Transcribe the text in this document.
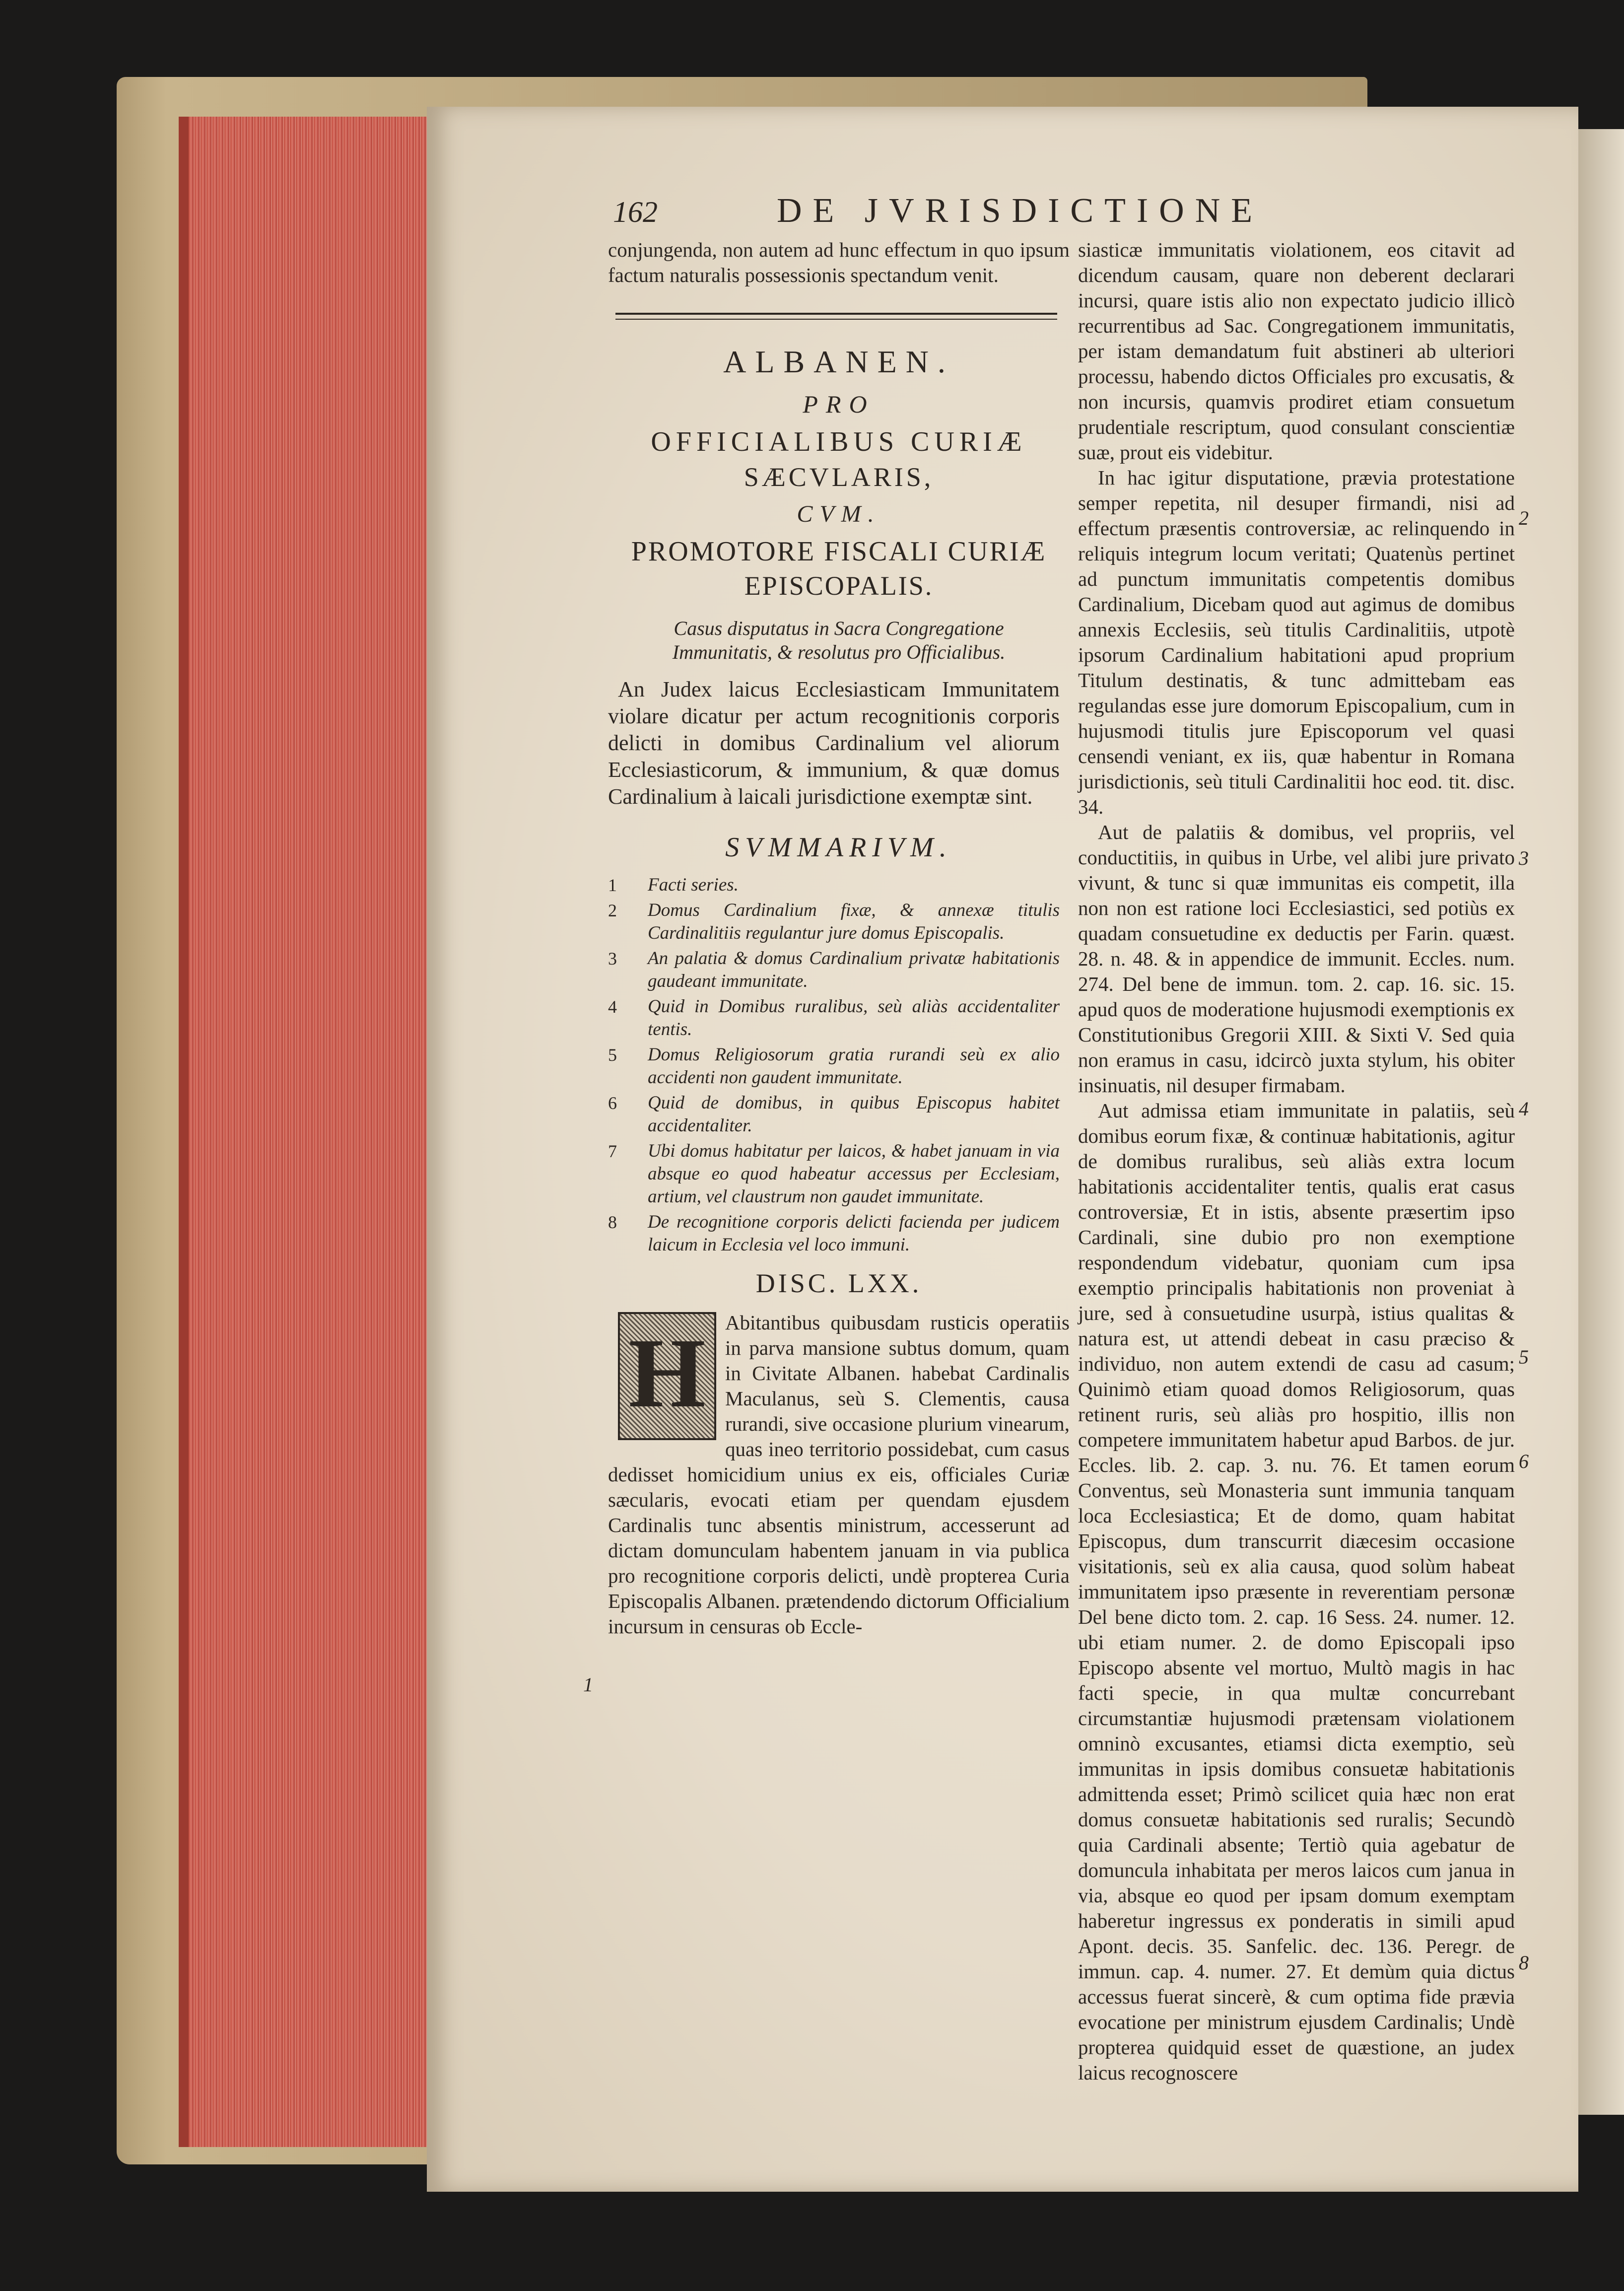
162	DE JVRISDICTIONE

conjungenda, non autem ad hunc effectum in quo ipsum factum naturalis possessionis spectandum venit.

ALBANEN.

PRO

OFFICIALIBUS CURIÆ

SÆCVLARIS,

CVM.

PROMOTORE FISCALI CURIÆ

EPISCOPALIS.

Casus disputatus in Sacra Congregatione Immunitatis, & resolutus pro Officialibus.

An Judex laicus Ecclesiasticam Immunitatem violare dicatur per actum recognitionis corporis delicti in domibus Cardinalium vel aliorum Ecclesiasticorum, & immunium, & quæ domus Cardinalium à laicali jurisdictione exemptæ sint.

SVMMARIVM.

1 Facti series.
2 Domus Cardinalium fixæ, & annexæ titulis Cardinalitiis regulantur jure domus Episcopalis.
3 An palatia & domus Cardinalium privatæ habitationis gaudeant immunitate.
4 Quid in Domibus ruralibus, seù aliàs accidentaliter tentis.
5 Domus Religiosorum gratia rurandi seù ex alio accidenti non gaudent immunitate.
6 Quid de domibus, in quibus Episcopus habitet accidentaliter.
7 Ubi domus habitatur per laicos, & habet januam in via absque eo quod habeatur accessus per Ecclesiam, artium, vel claustrum non gaudet immunitate.
8 De recognitione corporis delicti facienda per judicem laicum in Ecclesia vel loco immuni.

DISC. LXX.

H Abitantibus quibusdam rusticis operatiis in parva mansione subtus domum, quam in Civitate Albanen. habebat Cardinalis Maculanus, seù S. Clementis, causa rurandi, sive occasione plurium vinearum, quas ineo territorio possidebat, cum casus dedisset homicidium unius ex eis, officiales Curiæ sæcularis, evocati etiam per quendam ejusdem Cardinalis tunc absentis ministrum, accesserunt ad dictam domunculam habentem januam in via publica pro recognitione corporis delicti, undè propterea Curia Episcopalis Albanen. prætendendo dictorum Officialium incursum in censuras ob Eccle-

1

siasticæ immunitatis violationem, eos citavit ad dicendum causam, quare non deberent declarari incursi, quare istis alio non expectato judicio illicò recurrentibus ad Sac. Congregationem immunitatis, per istam demandatum fuit abstineri ab ulteriori processu, habendo dictos Officiales pro excusatis, & non incursis, quamvis prodiret etiam consuetum prudentiale rescriptum, quod consulant conscientiæ suæ, prout eis videbitur.

In hac igitur disputatione, prævia protestatione semper repetita, nil desuper firmandi, nisi ad effectum præsentis controversiæ, ac relinquendo in reliquis integrum locum veritati; Quatenùs pertinet ad punctum immunitatis competentis domibus Cardinalium, Dicebam quod aut agimus de domibus annexis Ecclesiis, seù titulis Cardinalitiis, utpotè ipsorum Cardinalium habitationi apud proprium Titulum destinatis, & tunc admittebam eas regulandas esse jure domorum Episcopalium, cum in hujusmodi titulis jure Episcoporum vel quasi censendi veniant, ex iis, quæ habentur in Romana jurisdictionis, seù tituli Cardinalitii hoc eod. tit. disc. 34.

Aut de palatiis & domibus, vel propriis, vel conductitiis, in quibus in Urbe, vel alibi jure privato vivunt, & tunc si quæ immunitas eis competit, illa non non est ratione loci Ecclesiastici, sed potiùs ex quadam consuetudine ex deductis per Farin. quæst. 28. n. 48. & in appendice de immunit. Eccles. num. 274. Del bene de immun. tom. 2. cap. 16. sic. 15. apud quos de moderatione hujusmodi exemptionis ex Constitutionibus Gregorii XIII. & Sixti V. Sed quia non eramus in casu, idcircò juxta stylum, his obiter insinuatis, nil desuper firmabam.

Aut admissa etiam immunitate in palatiis, seù domibus eorum fixæ, & continuæ habitationis, agitur de domibus ruralibus, seù aliàs extra locum habitationis accidentaliter tentis, qualis erat casus controversiæ, Et in istis, absente præsertim ipso Cardinali, sine dubio pro non exemptione respondendum videbatur, quoniam cum ipsa exemptio principalis habitationis non proveniat à jure, sed à consuetudine usurpà, istius qualitas & natura est, ut attendi debeat in casu præciso & individuo, non autem extendi de casu ad casum; Quinimò etiam quoad domos Religiosorum, quas retinent ruris, seù aliàs pro hospitio, illis non competere immunitatem habetur apud Barbos. de jur. Eccles. lib. 2. cap. 3. nu. 76. Et tamen eorum Conventus, seù Monasteria sunt immunia tanquam loca Ecclesiastica; Et de domo, quam habitat Episcopus, dum transcurrit diæcesim occasione visitationis, seù ex alia causa, quod solùm habeat immunitatem ipso præsente in reverentiam personæ Del bene dicto tom. 2. cap. 16 Sess. 24. numer. 12. ubi etiam numer. 2. de domo Episcopali ipso Episcopo absente vel mortuo, Multò magis in hac facti specie, in qua multæ concurrebant circumstantiæ hujusmodi prætensam violationem omninò excusantes, etiamsi dicta exemptio, seù immunitas in ipsis domibus consuetæ habitationis admittenda esset; Primò scilicet quia hæc non erat domus consuetæ habitationis sed ruralis; Secundò quia Cardinali absente; Tertiò quia agebatur de domuncula inhabitata per meros laicos cum janua in via, absque eo quod per ipsam domum exemptam haberetur ingressus ex ponderatis in simili apud Apont. decis. 35. Sanfelic. dec. 136. Peregr. de immun. cap. 4. numer. 27. Et demùm quia dictus accessus fuerat sincerè, & cum optima fide prævia evocatione per ministrum ejusdem Cardinalis; Undè propterea quidquid esset de quæstione, an judex laicus recognoscere

2
3
4
5
6
8
